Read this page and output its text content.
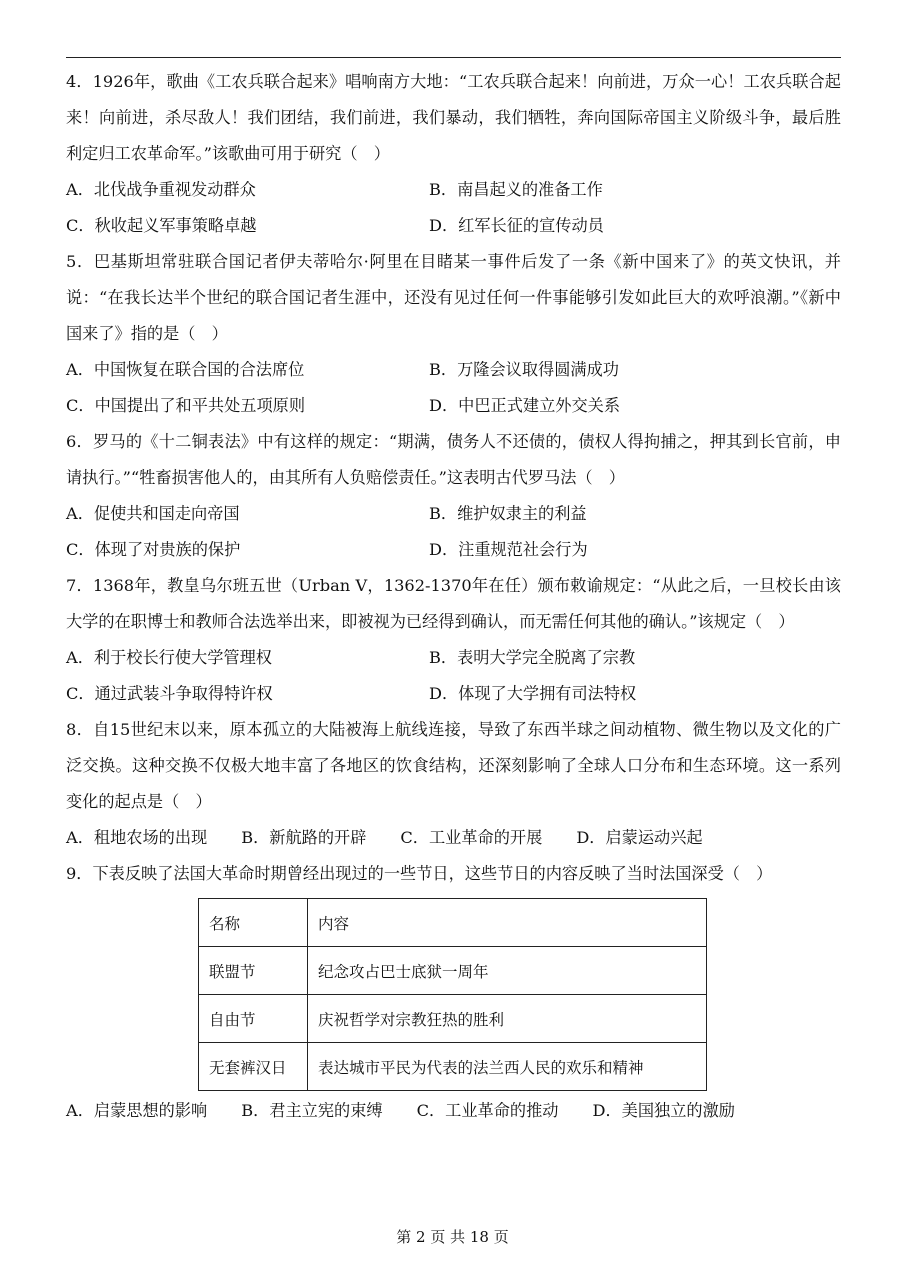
4．1926年，歌曲《工农兵联合起来》唱响南方大地：“工农兵联合起来！向前进，万众一心！工农兵联合起来！向前进，杀尽敌人！我们团结，我们前进，我们暴动，我们牺牲，奔向国际帝国主义阶级斗争，最后胜利定归工农革命军。”该歌曲可用于研究（　）

A．北伐战争重视发动群众	B．南昌起义的准备工作
C．秋收起义军事策略卓越	D．红军长征的宣传动员

5．巴基斯坦常驻联合国记者伊夫蒂哈尔·阿里在目睹某一事件后发了一条《新中国来了》的英文快讯，并说：“在我长达半个世纪的联合国记者生涯中，还没有见过任何一件事能够引发如此巨大的欢呼浪潮。”《新中国来了》指的是（　）

A．中国恢复在联合国的合法席位	B．万隆会议取得圆满成功
C．中国提出了和平共处五项原则	D．中巴正式建立外交关系

6．罗马的《十二铜表法》中有这样的规定：“期满，债务人不还债的，债权人得拘捕之，押其到长官前，申请执行。”“牲畜损害他人的，由其所有人负赔偿责任。”这表明古代罗马法（　）

A．促使共和国走向帝国	B．维护奴隶主的利益
C．体现了对贵族的保护	D．注重规范社会行为

7．1368年，教皇乌尔班五世（Urban V，1362-1370年在任）颁布敕谕规定：“从此之后，一旦校长由该大学的在职博士和教师合法选举出来，即被视为已经得到确认，而无需任何其他的确认。”该规定（　）

A．利于校长行使大学管理权	B．表明大学完全脱离了宗教
C．通过武装斗争取得特许权	D．体现了大学拥有司法特权

8．自15世纪末以来，原本孤立的大陆被海上航线连接，导致了东西半球之间动植物、微生物以及文化的广泛交换。这种交换不仅极大地丰富了各地区的饮食结构，还深刻影响了全球人口分布和生态环境。这一系列变化的起点是（　）

A．租地农场的出现 B．新航路的开辟 C．工业革命的开展 D．启蒙运动兴起

9．下表反映了法国大革命时期曾经出现过的一些节日，这些节日的内容反映了当时法国深受（　）

名称	内容
联盟节	纪念攻占巴士底狱一周年
自由节	庆祝哲学对宗教狂热的胜利
无套裤汉日	表达城市平民为代表的法兰西人民的欢乐和精神
A．启蒙思想的影响 B．君主立宪的束缚 C．工业革命的推动 D．美国独立的激励
第 2 页 共 18 页
